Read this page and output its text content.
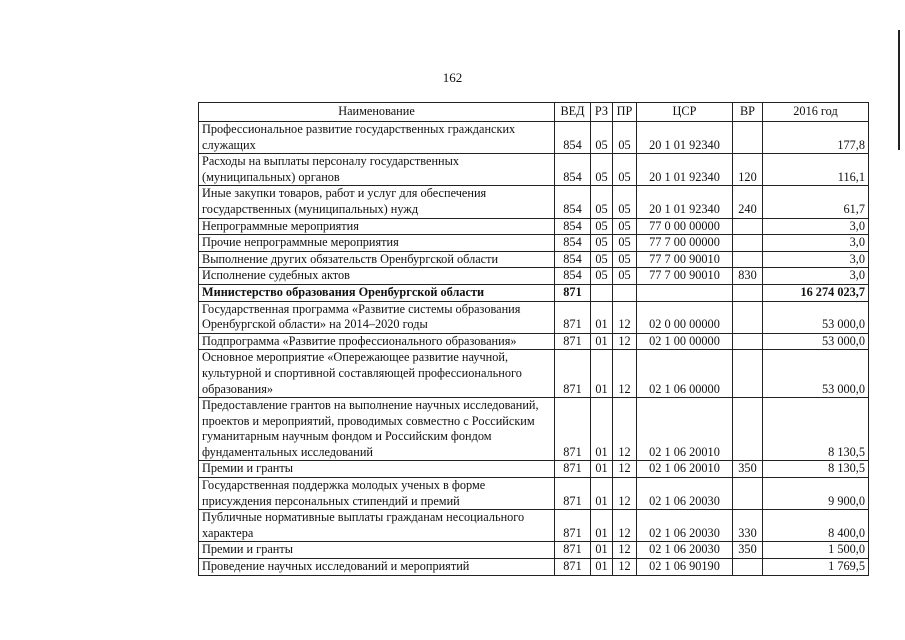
162
Наименование	ВЕД	РЗ	ПР	ЦСР	ВР	2016 год
Профессиональное развитие государственных гражданских служащих	854	05	05	20 1 01 92340		177,8
Расходы на выплаты персоналу государственных (муниципальных) органов	854	05	05	20 1 01 92340	120	116,1
Иные закупки товаров, работ и услуг для обеспечения государственных (муниципальных) нужд	854	05	05	20 1 01 92340	240	61,7
Непрограммные мероприятия	854	05	05	77 0 00 00000		3,0
Прочие непрограммные мероприятия	854	05	05	77 7 00 00000		3,0
Выполнение других обязательств Оренбургской области	854	05	05	77 7 00 90010		3,0
Исполнение судебных актов	854	05	05	77 7 00 90010	830	3,0
Министерство образования Оренбургской области	871					16 274 023,7
Государственная программа «Развитие системы образования Оренбургской области» на 2014–2020 годы	871	01	12	02 0 00 00000		53 000,0
Подпрограмма «Развитие профессионального образования»	871	01	12	02 1 00 00000		53 000,0
Основное мероприятие «Опережающее развитие научной, культурной и спортивной составляющей профессионального образования»	871	01	12	02 1 06 00000		53 000,0
Предоставление грантов на выполнение научных исследований, проектов и мероприятий, проводимых совместно с Российским гуманитарным научным фондом и Российским фондом фундаментальных исследований	871	01	12	02 1 06 20010		8 130,5
Премии и гранты	871	01	12	02 1 06 20010	350	8 130,5
Государственная поддержка молодых ученых в форме присуждения персональных стипендий и премий	871	01	12	02 1 06 20030		9 900,0
Публичные нормативные выплаты гражданам несоциального характера	871	01	12	02 1 06 20030	330	8 400,0
Премии и гранты	871	01	12	02 1 06 20030	350	1 500,0
Проведение научных исследований и мероприятий	871	01	12	02 1 06 90190		1 769,5
